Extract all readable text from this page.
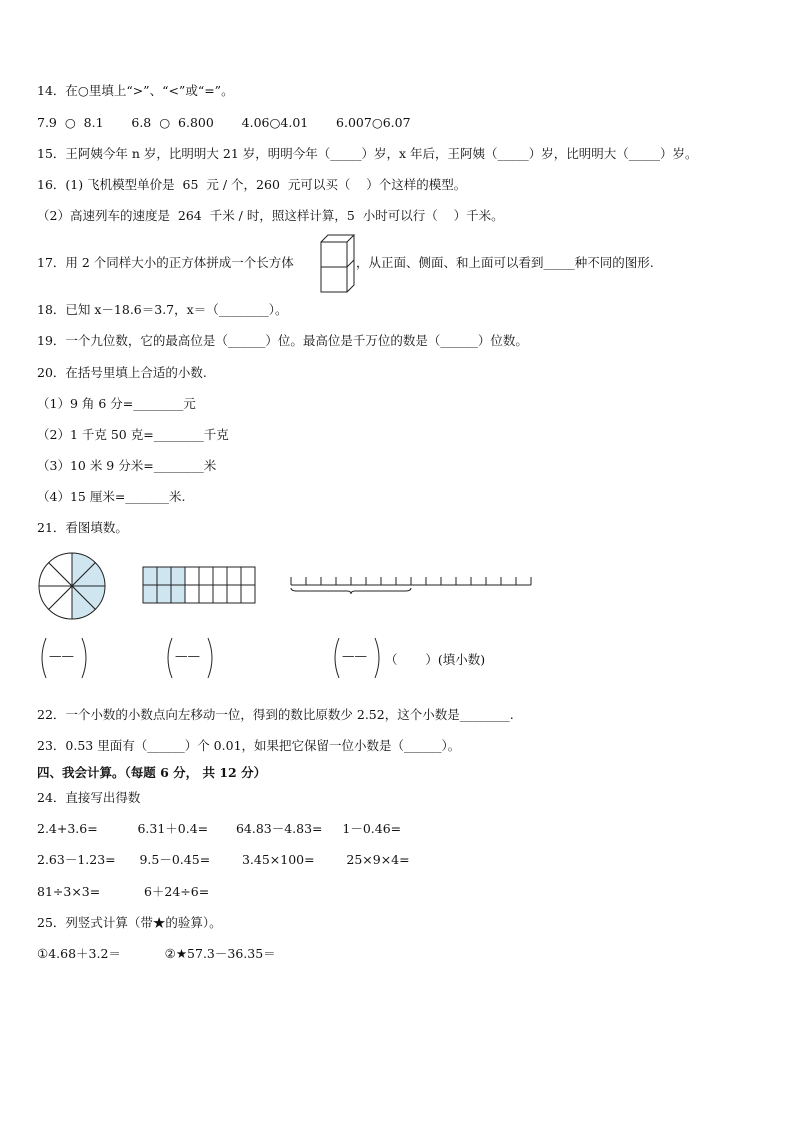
14．在○里填上“>”、“<”或“=”。
7.9  ○  8.1       6.8  ○  6.800       4.06○4.01       6.007○6.07
15．王阿姨今年 n 岁，比明明大 21 岁，明明今年（_____）岁，x 年后，王阿姨（_____）岁，比明明大（_____）岁。
16．(1) 飞机模型单价是  65  元 / 个，260  元可以买（    ）个这样的模型。
（2）高速列车的速度是  264  千米 / 时，照这样计算，5  小时可以行（    ）千米。
17．用 2 个同样大小的正方体拼成一个长方体	，从正面、侧面、和上面可以看到_____种不同的图形.
18．已知 x－18.6＝3.7，x＝（________）。
19．一个九位数，它的最高位是（______）位。最高位是千万位的数是（______）位数。
20．在括号里填上合适的小数.
（1）9 角 6 分=________元
（2）1 千克 50 克=________千克
（3）10 米 9 分米=________米
（4）15 厘米=_______米.
21．看图填数。
——	——	—— （       ）(填小数)
22．一个小数的小数点向左移动一位，得到的数比原数少 2.52，这个小数是________.
23．0.53 里面有（______）个 0.01，如果把它保留一位小数是（______）。
四、我会计算。（每题 6 分， 共 12 分）
24．直接写出得数
2.4+3.6=          6.31＋0.4=       64.83－4.83=     1－0.46=
2.63－1.23=      9.5－0.45=        3.45×100=        25×9×4=
81÷3×3=           6＋24÷6=
25．列竖式计算（带★的验算）。
①4.68＋3.2＝           ②★57.3－36.35＝
